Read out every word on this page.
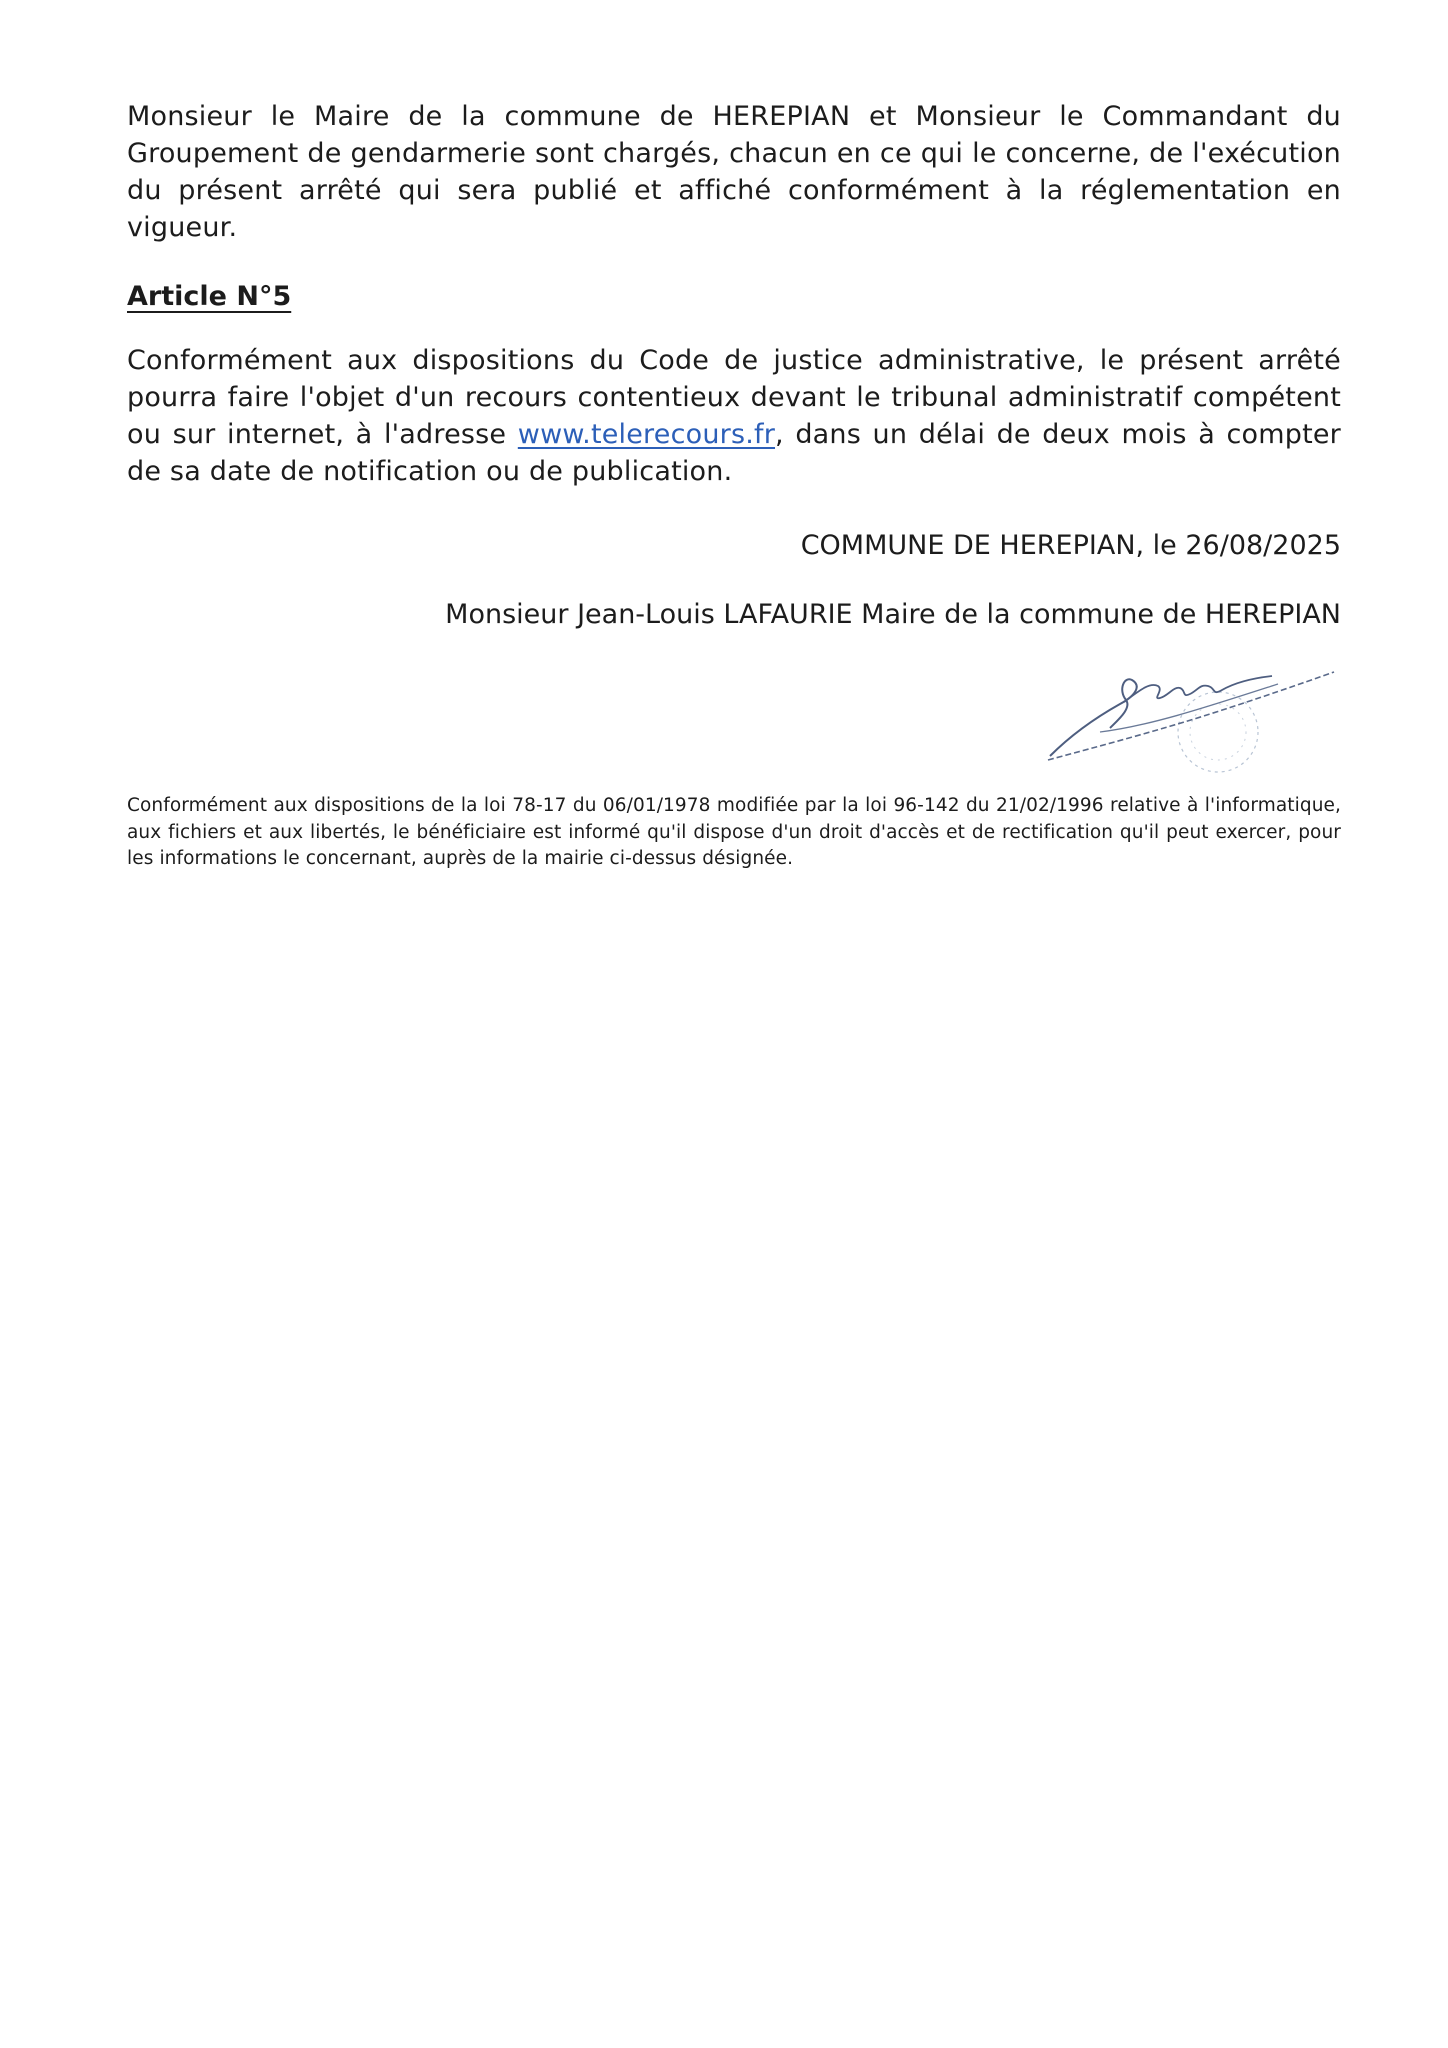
Monsieur le Maire de la commune de HEREPIAN et Monsieur le Commandant du Groupement de gendarmerie sont chargés, chacun en ce qui le concerne, de l'exécution du présent arrêté qui sera publié et affiché conformément à la réglementation en vigueur.

Article N°5

Conformément aux dispositions du Code de justice administrative, le présent arrêté pourra faire l'objet d'un recours contentieux devant le tribunal administratif compétent ou sur internet, à l'adresse www.telerecours.fr, dans un délai de deux mois à compter de sa date de notification ou de publication.

COMMUNE DE HEREPIAN, le 26/08/2025

Monsieur Jean-Louis LAFAURIE Maire de la commune de HEREPIAN

Conformément aux dispositions de la loi 78-17 du 06/01/1978 modifiée par la loi 96-142 du 21/02/1996 relative à l'informatique, aux fichiers et aux libertés, le bénéficiaire est informé qu'il dispose d'un droit d'accès et de rectification qu'il peut exercer, pour les informations le concernant, auprès de la mairie ci-dessus désignée.
